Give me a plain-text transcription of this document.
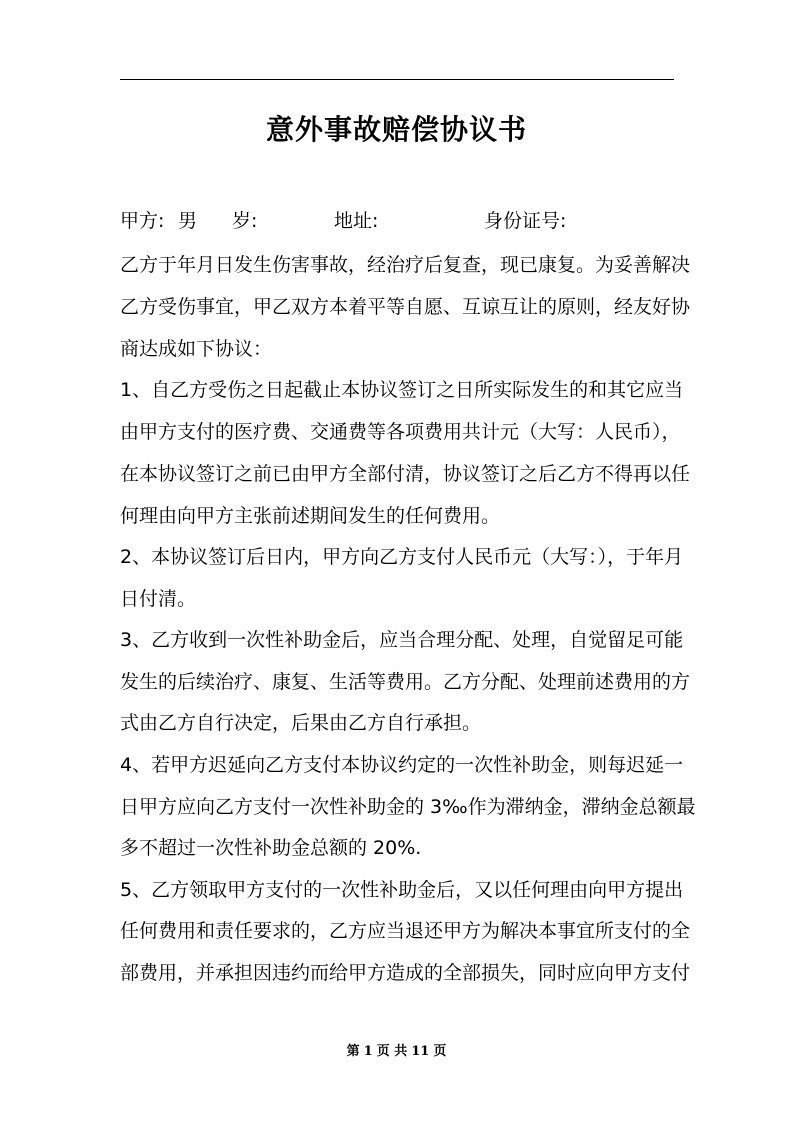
意外事故赔偿协议书
甲方: 男 岁:	地址:	身份证号:
乙方于年月日发生伤害事故，经治疗后复查，现已康复。为妥善解决
乙方受伤事宜，甲乙双方本着平等自愿、互谅互让的原则，经友好协
商达成如下协议：
1、自乙方受伤之日起截止本协议签订之日所实际发生的和其它应当
由甲方支付的医疗费、交通费等各项费用共计元（大写：人民币），
在本协议签订之前已由甲方全部付清，协议签订之后乙方不得再以任
何理由向甲方主张前述期间发生的任何费用。
2、本协议签订后日内，甲方向乙方支付人民币元（大写：），于年月
日付清。
3、乙方收到一次性补助金后，应当合理分配、处理，自觉留足可能
发生的后续治疗、康复、生活等费用。乙方分配、处理前述费用的方
式由乙方自行决定，后果由乙方自行承担。
4、若甲方迟延向乙方支付本协议约定的一次性补助金，则每迟延一
日甲方应向乙方支付一次性补助金的 3‰作为滞纳金，滞纳金总额最
多不超过一次性补助金总额的 20%.
5、乙方领取甲方支付的一次性补助金后，又以任何理由向甲方提出
任何费用和责任要求的，乙方应当退还甲方为解决本事宜所支付的全
部费用，并承担因违约而给甲方造成的全部损失，同时应向甲方支付
第 1 页 共 11 页
